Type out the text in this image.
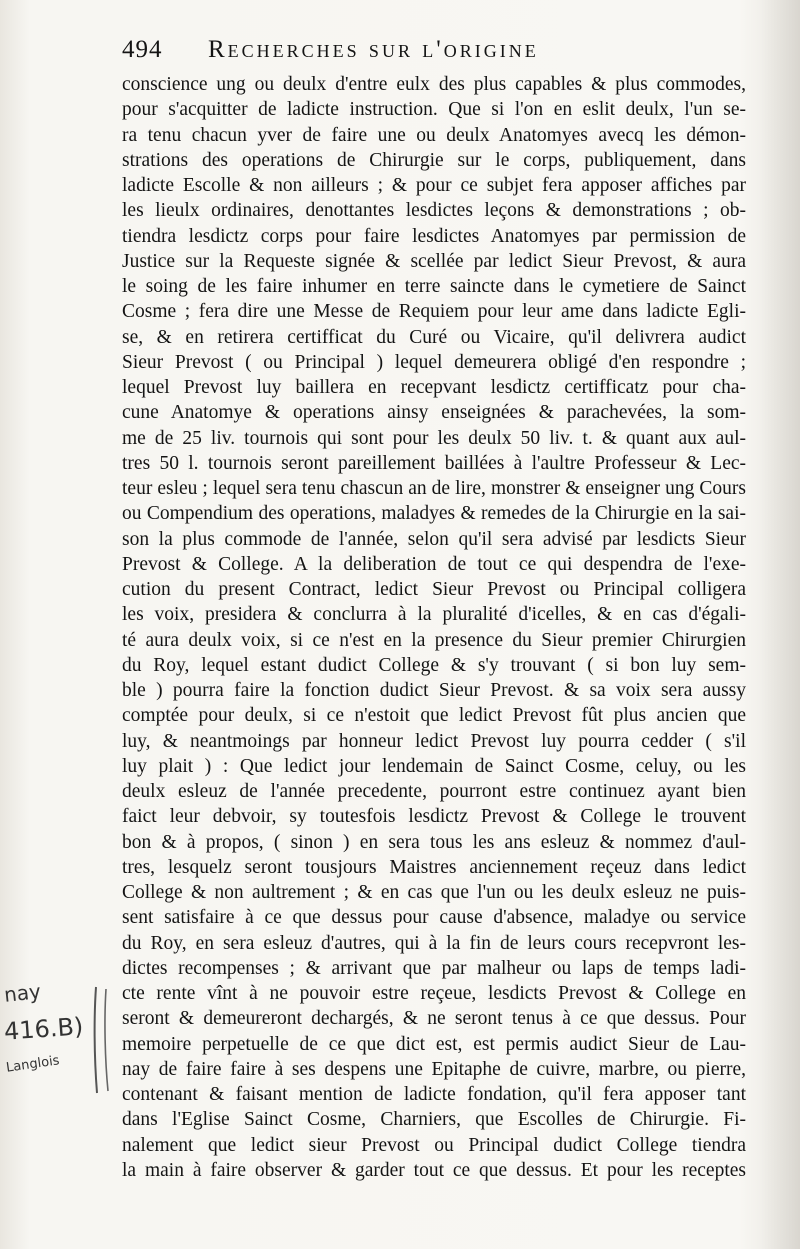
494 Recherches sur l'origine
conscience ung ou deulx d'entre eulx des plus capables & plus commodes,
pour s'acquitter de ladicte instruction. Que si l'on en eslit deulx, l'un se-
ra tenu chacun yver de faire une ou deulx Anatomyes avecq les démon-
strations des operations de Chirurgie sur le corps, publiquement, dans
ladicte Escolle & non ailleurs ; & pour ce subjet fera apposer affiches par
les lieulx ordinaires, denottantes lesdictes leçons & demonstrations ; ob-
tiendra lesdictz corps pour faire lesdictes Anatomyes par permission de
Justice sur la Requeste signée & scellée par ledict Sieur Prevost, & aura
le soing de les faire inhumer en terre saincte dans le cymetiere de Sainct
Cosme ; fera dire une Messe de Requiem pour leur ame dans ladicte Egli-
se, & en retirera certifficat du Curé ou Vicaire, qu'il delivrera audict
Sieur Prevost ( ou Principal ) lequel demeurera obligé d'en respondre ;
lequel Prevost luy baillera en recepvant lesdictz certifficatz pour cha-
cune Anatomye & operations ainsy enseignées & parachevées, la som-
me de 25 liv. tournois qui sont pour les deulx 50 liv. t. & quant aux aul-
tres 50 l. tournois seront pareillement baillées à l'aultre Professeur & Lec-
teur esleu ; lequel sera tenu chascun an de lire, monstrer & enseigner ung Cours
ou Compendium des operations, maladyes & remedes de la Chirurgie en la sai-
son la plus commode de l'année, selon qu'il sera advisé par lesdicts Sieur
Prevost & College. A la deliberation de tout ce qui despendra de l'exe-
cution du present Contract, ledict Sieur Prevost ou Principal colligera
les voix, presidera & conclurra à la pluralité d'icelles, & en cas d'égali-
té aura deulx voix, si ce n'est en la presence du Sieur premier Chirurgien
du Roy, lequel estant dudict College & s'y trouvant ( si bon luy sem-
ble ) pourra faire la fonction dudict Sieur Prevost. & sa voix sera aussy
comptée pour deulx, si ce n'estoit que ledict Prevost fût plus ancien que
luy, & neantmoings par honneur ledict Prevost luy pourra cedder ( s'il
luy plait ) : Que ledict jour lendemain de Sainct Cosme, celuy, ou les
deulx esleuz de l'année precedente, pourront estre continuez ayant bien
faict leur debvoir, sy toutesfois lesdictz Prevost & College le trouvent
bon & à propos, ( sinon ) en sera tous les ans esleuz & nommez d'aul-
tres, lesquelz seront tousjours Maistres anciennement reçeuz dans ledict
College & non aultrement ; & en cas que l'un ou les deulx esleuz ne puis-
sent satisfaire à ce que dessus pour cause d'absence, maladye ou service
du Roy, en sera esleuz d'autres, qui à la fin de leurs cours recepvront les-
dictes recompenses ; & arrivant que par malheur ou laps de temps ladi-
cte rente vînt à ne pouvoir estre reçeue, lesdicts Prevost & College en
seront & demeureront dechargés, & ne seront tenus à ce que dessus. Pour
memoire perpetuelle de ce que dict est, est permis audict Sieur de Lau-
nay de faire faire à ses despens une Epitaphe de cuivre, marbre, ou pierre,
contenant & faisant mention de ladicte fondation, qu'il fera apposer tant
dans l'Eglise Sainct Cosme, Charniers, que Escolles de Chirurgie. Fi-
nalement que ledict sieur Prevost ou Principal dudict College tiendra
la main à faire observer & garder tout ce que dessus. Et pour les receptes
nay
416.B)
Langlois
